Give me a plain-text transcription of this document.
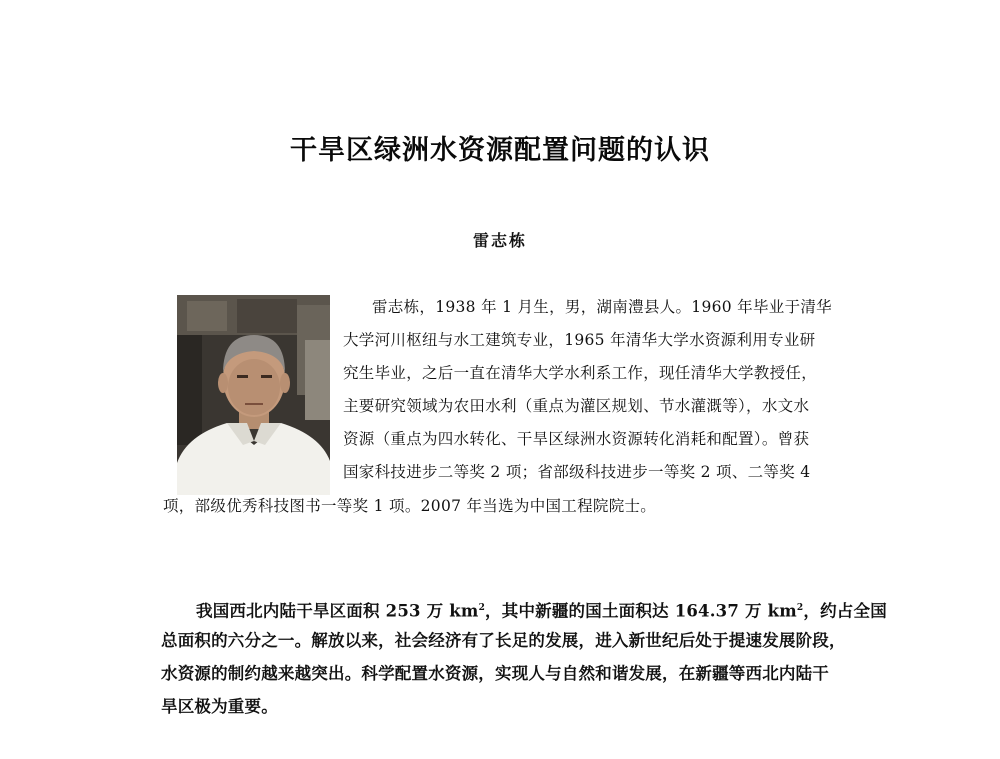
干旱区绿洲水资源配置问题的认识
雷志栋
雷志栋，1938 年 1 月生，男，湖南澧县人。1960 年毕业于清华
大学河川枢纽与水工建筑专业，1965 年清华大学水资源利用专业研
究生毕业，之后一直在清华大学水利系工作，现任清华大学教授任，
主要研究领域为农田水利（重点为灌区规划、节水灌溉等），水文水
资源（重点为四水转化、干旱区绿洲水资源转化消耗和配置）。曾获
国家科技进步二等奖 2 项；省部级科技进步一等奖 2 项、二等奖 4
项，部级优秀科技图书一等奖 1 项。2007 年当选为中国工程院院士。
我国西北内陆干旱区面积 253 万 $km^2$，其中新疆的国土面积达 164.37 万 $km^2$，约占全国
总面积的六分之一。解放以来，社会经济有了长足的发展，进入新世纪后处于提速发展阶段，
水资源的制约越来越突出。科学配置水资源，实现人与自然和谐发展，在新疆等西北内陆干
旱区极为重要。
